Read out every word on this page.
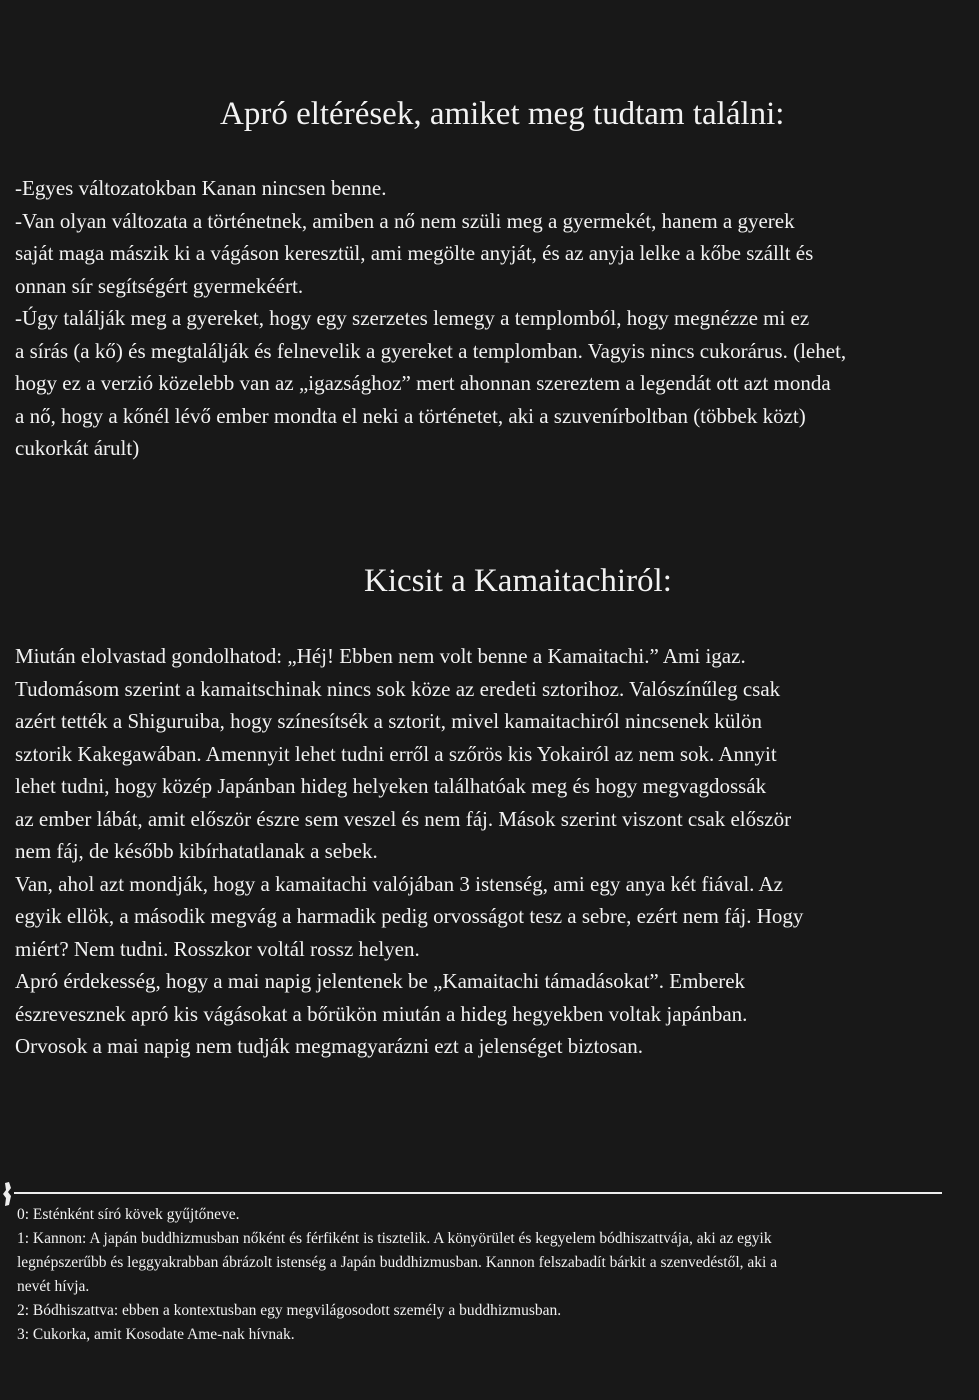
Apró eltérések, amiket meg tudtam találni:
-Egyes változatokban Kanan nincsen benne.
-Van olyan változata a történetnek, amiben a nő nem szüli meg a gyermekét, hanem a gyerek
saját maga mászik ki a vágáson keresztül, ami megölte anyját, és az anyja lelke a kőbe szállt és
onnan sír segítségért gyermekéért.
-Úgy találják meg a gyereket, hogy egy szerzetes lemegy a templomból, hogy megnézze mi ez
a sírás (a kő) és megtalálják és felnevelik a gyereket a templomban. Vagyis nincs cukorárus. (lehet,
hogy ez a verzió közelebb van az „igazsághoz” mert ahonnan szereztem a legendát ott azt monda
a nő, hogy a kőnél lévő ember mondta el neki a történetet, aki a szuvenírboltban (többek közt)
cukorkát árult)
Kicsit a Kamaitachiról:
Miután elolvastad gondolhatod: „Héj! Ebben nem volt benne a Kamaitachi.” Ami igaz.
Tudomásom szerint a kamaitschinak nincs sok köze az eredeti sztorihoz. Valószínűleg csak
azért tették a Shiguruiba, hogy színesítsék a sztorit, mivel kamaitachiról nincsenek külön
sztorik Kakegawában. Amennyit lehet tudni erről a szőrös kis Yokairól az nem sok. Annyit
lehet tudni, hogy közép Japánban hideg helyeken találhatóak meg és hogy megvagdossák
az ember lábát, amit először észre sem veszel és nem fáj. Mások szerint viszont csak először
nem fáj, de később kibírhatatlanak a sebek.
Van, ahol azt mondják, hogy a kamaitachi valójában 3 istenség, ami egy anya két fiával. Az
egyik ellök, a második megvág a harmadik pedig orvosságot tesz a sebre, ezért nem fáj. Hogy
miért? Nem tudni. Rosszkor voltál rossz helyen.
Apró érdekesség, hogy a mai napig jelentenek be „Kamaitachi támadásokat”. Emberek
észrevesznek apró kis vágásokat a bőrükön miután a hideg hegyekben voltak japánban.
Orvosok a mai napig nem tudják megmagyarázni ezt a jelenséget biztosan.
0: Esténként síró kövek gyűjtőneve.
1: Kannon: A japán buddhizmusban nőként és férfiként is tisztelik. A könyörület és kegyelem bódhiszattvája, aki az egyik
legnépszerűbb és leggyakrabban ábrázolt istenség a Japán buddhizmusban. Kannon felszabadít bárkit a szenvedéstől, aki a
nevét hívja.
2: Bódhiszattva: ebben a kontextusban egy megvilágosodott személy a buddhizmusban.
3: Cukorka, amit Kosodate Ame-nak hívnak.
